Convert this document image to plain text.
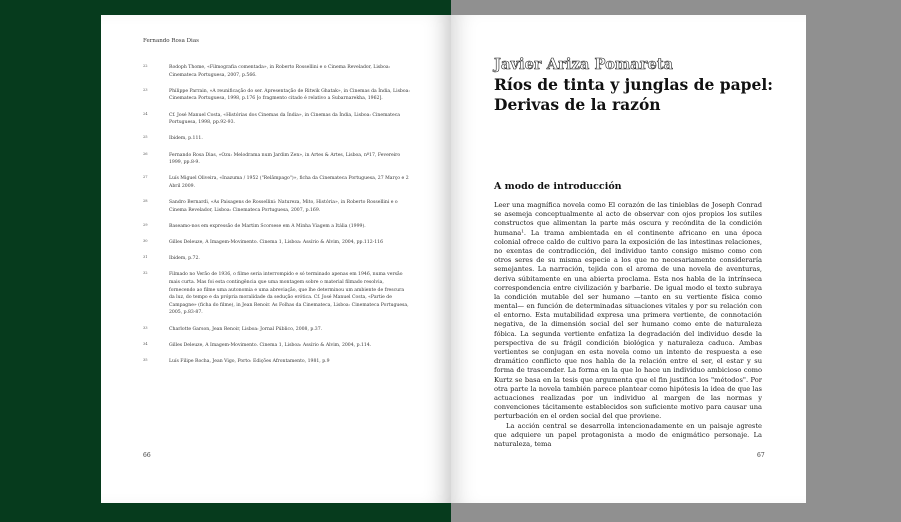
Fernando Rosa Dias
22	Rodoph Thome, «Filmografia comentada», in Roberto Rossellini e o Cinema Revelador, Lisboa: Cinemateca Portuguesa, 2007, p.566.
23	Philippe Parrain, «A reunificação do ser. Apresentação de Ritwik Ghatak», in Cinemas da Índia, Lisboa: Cinemateca Portuguesa, 1998, p.176 [o fragmento citado é relativo a Subarnarekha, 1962].
24	Cf. José Manuel Costa, «Histórias dos Cinemas da Índia», in Cinemas da Índia, Lisboa: Cinemateca Portuguesa, 1998, pp.92-93.
25	Ibidem, p.111.
26	Fernando Rosa Dias, «Ozu: Melodrama num Jardim Zen», in Artes & Artes, Lisboa, nº17, Fevereiro 1999, pp.8-9.
27	Luís Miguel Oliveira, «Inazuma / 1952 ("Relâmpago")», ficha da Cinemateca Portuguesa, 27 Março e 2 Abril 2009.
28	Sandro Bernardi, «As Paisagens de Rossellini: Natureza, Mito, História», in Roberto Rossellini e o Cinema Revelador, Lisboa: Cinemateca Portuguesa, 2007, p.169.
29	Baseamo-nos em expressão de Martim Scorsese em A Minha Viagem a Itália (1999).
30	Gilles Deleuze, A Imagem-Movimento. Cinema 1, Lisboa: Assírio & Alvim, 2004, pp.112-116
31	Ibidem, p.72.
32	Filmado no Verão de 1936, o filme seria interrompido e só terminado apenas em 1946, numa versão mais curta. Mas foi esta contingência que uma montagem sobre o material filmado resolvia, fornecendo ao filme uma autonomia e uma abreviação, que lhe determinou um ambiente de frescura da luz, do tempo e da própria moralidade da sedução erótica. Cf. José Manuel Costa, «Partie de Campagne» (ficha do filme), in Jean Renoir. As Folhas da Cinemateca, Lisboa: Cinemateca Portuguesa, 2005, p.83-87.
33	Charlotte Garson, Jean Renoir, Lisboa: Jornal Público, 2008, p.37.
34	Gilles Deleuze, A Imagem-Movimento. Cinema 1, Lisboa: Assírio & Alvim, 2004, p.114.
35	Luís Filipe Rocha, Jean Vigo, Porto: Edições Afrontamento, 1981, p.9
66
Javier Ariza Pomareta
Ríos de tinta y junglas de papel: Derivas de la razón
A modo de introducción

Leer una magnífica novela como El corazón de las tinieblas de Joseph Conrad se asemeja conceptualmente al acto de observar con ojos propios los sutiles constructos que alimentan la parte más oscura y recóndita de la condición humana¹. La trama ambientada en el continente africano en una época colonial ofrece caldo de cultivo para la exposición de las intestinas relaciones, no exentas de contradicción, del individuo tanto consigo mismo como con otros seres de su misma especie a los que no necesariamente consideraría semejantes. La narración, tejida con el aroma de una novela de aventuras, deriva súbitamente en una abierta proclama. Esta nos habla de la intrínseca correspondencia entre civilización y barbarie. De igual modo el texto subraya la condición mutable del ser humano —tanto en su vertiente física como mental— en función de determinadas situaciones vitales y por su relación con el entorno. Esta mutabilidad expresa una primera vertiente, de connotación negativa, de la dimensión social del ser humano como ente de naturaleza fóbica. La segunda vertiente enfatiza la degradación del individuo desde la perspectiva de su frágil condición biológica y naturaleza caduca. Ambas vertientes se conjugan en esta novela como un intento de respuesta a ese dramático conflicto que nos habla de la relación entre el ser, el estar y su forma de trascender. La forma en la que lo hace un individuo ambicioso como Kurtz se basa en la tesis que argumenta que el fin justifica los "métodos". Por otra parte la novela también parece plantear como hipótesis la idea de que las actuaciones realizadas por un individuo al margen de las normas y convenciones tácitamente establecidos son suficiente motivo para causar una perturbación en el orden social del que proviene.

La acción central se desarrolla intencionadamente en un paisaje agreste que adquiere un papel protagonista a modo de enigmático personaje. La naturaleza, tema

67
